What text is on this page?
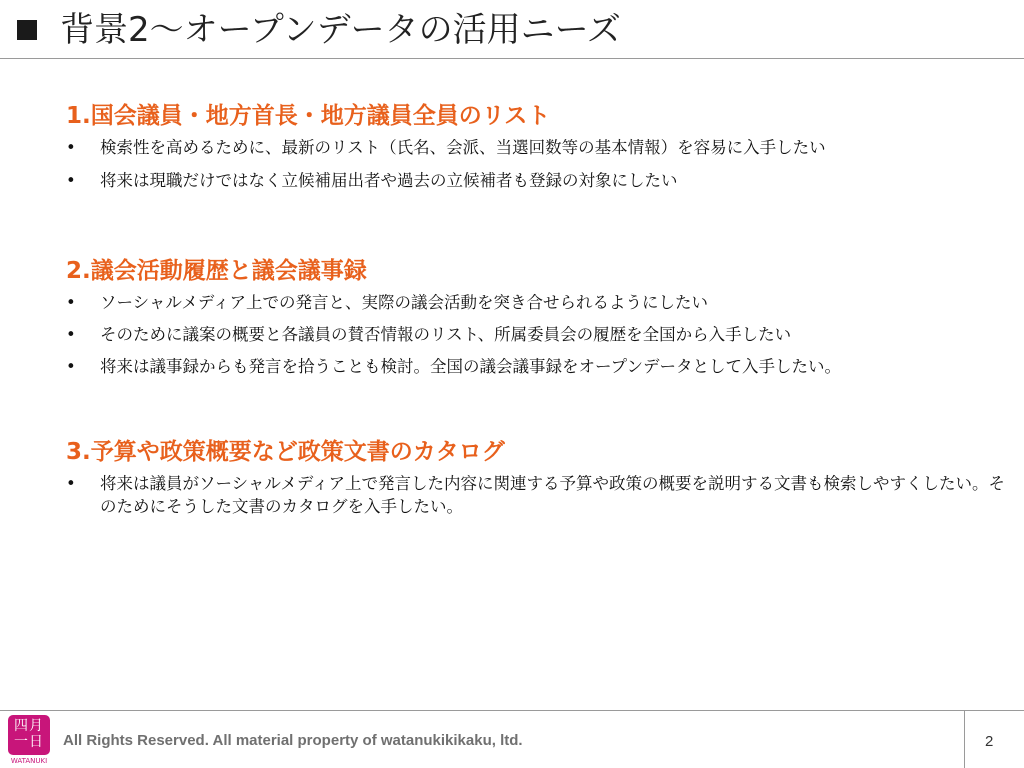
背景2〜オープンデータの活用ニーズ
1.国会議員・地方首長・地方議員全員のリスト
• 検索性を高めるために、最新のリスト（氏名、会派、当選回数等の基本情報）を容易に入手したい
• 将来は現職だけではなく立候補届出者や過去の立候補者も登録の対象にしたい
2.議会活動履歴と議会議事録
• ソーシャルメディア上での発言と、実際の議会活動を突き合せられるようにしたい
• そのために議案の概要と各議員の賛否情報のリスト、所属委員会の履歴を全国から入手したい
• 将来は議事録からも発言を拾うことも検討。全国の議会議事録をオープンデータとして入手したい。
3.予算や政策概要など政策文書のカタログ
• 将来は議員がソーシャルメディア上で発言した内容に関連する予算や政策の概要を説明する文書も検索しやすくしたい。そのためにそうした文書のカタログを入手したい。
四月
一日
WATANUKI
All Rights Reserved. All material property of watanukikikaku, ltd.	2
